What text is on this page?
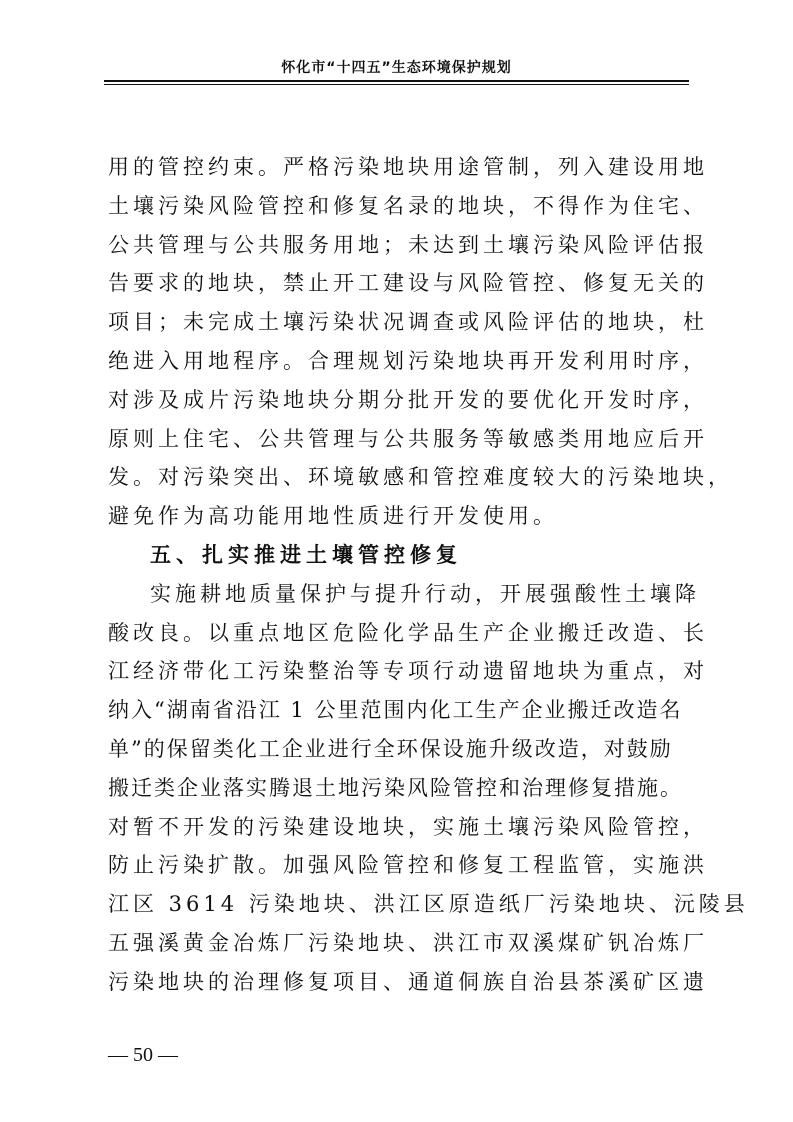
怀化市“十四五”生态环境保护规划
用的管控约束。严格污染地块用途管制，列入建设用地
土壤污染风险管控和修复名录的地块，不得作为住宅、
公共管理与公共服务用地；未达到土壤污染风险评估报
告要求的地块，禁止开工建设与风险管控、修复无关的
项目；未完成土壤污染状况调查或风险评估的地块，杜
绝进入用地程序。合理规划污染地块再开发利用时序，
对涉及成片污染地块分期分批开发的要优化开发时序，
原则上住宅、公共管理与公共服务等敏感类用地应后开
发。对污染突出、环境敏感和管控难度较大的污染地块，
避免作为高功能用地性质进行开发使用。
五、扎实推进土壤管控修复
实施耕地质量保护与提升行动，开展强酸性土壤降
酸改良。以重点地区危险化学品生产企业搬迁改造、长
江经济带化工污染整治等专项行动遗留地块为重点，对
纳入“湖南省沿江 1 公里范围内化工生产企业搬迁改造名
单”的保留类化工企业进行全环保设施升级改造，对鼓励
搬迁类企业落实腾退土地污染风险管控和治理修复措施。
对暂不开发的污染建设地块，实施土壤污染风险管控，
防止污染扩散。加强风险管控和修复工程监管，实施洪
江区 3614 污染地块、洪江区原造纸厂污染地块、沅陵县
五强溪黄金冶炼厂污染地块、洪江市双溪煤矿钒冶炼厂
污染地块的治理修复项目、通道侗族自治县茶溪矿区遗
— 50 —
